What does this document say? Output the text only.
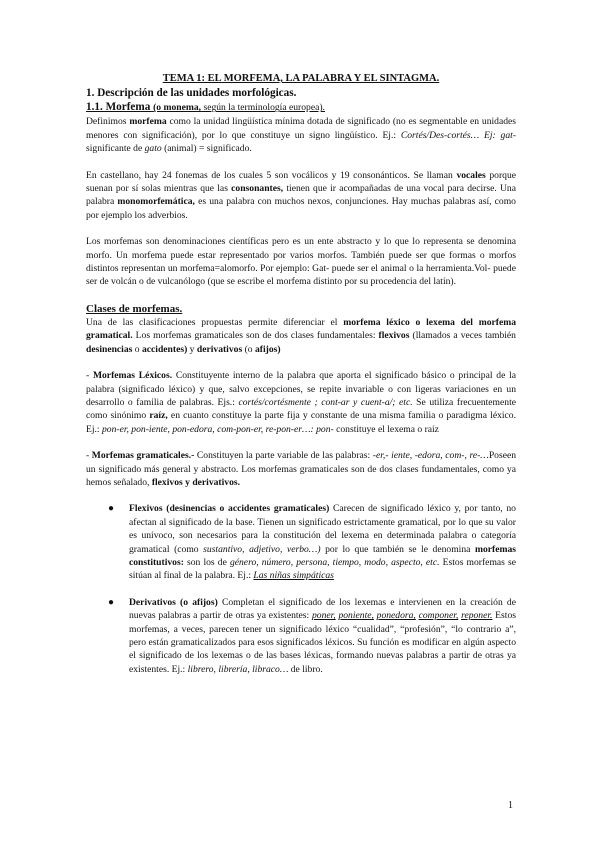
TEMA 1: EL MORFEMA, LA PALABRA Y EL SINTAGMA.
1. Descripción de las unidades morfológicas.
1.1. Morfema (o monema, según la terminología europea).

Definimos morfema como la unidad lingüística mínima dotada de significado (no es segmentable en unidades menores con significación), por lo que constituye un signo lingüístico. Ej.: Cortés/Des-cortés… Ej: gat- significante de gato (animal) = significado.

En castellano, hay 24 fonemas de los cuales 5 son vocálicos y 19 consonánticos. Se llaman vocales porque suenan por sí solas mientras que las consonantes, tienen que ir acompañadas de una vocal para decirse. Una palabra monomorfemática, es una palabra con muchos nexos, conjunciones. Hay muchas palabras así, como por ejemplo los adverbios.

Los morfemas son denominaciones científicas pero es un ente abstracto y lo que lo representa se denomina morfo. Un morfema puede estar representado por varios morfos. También puede ser que formas o morfos distintos representan un morfema=alomorfo. Por ejemplo: Gat- puede ser el animal o la herramienta.Vol- puede ser de volcán o de vulcanólogo (que se escribe el morfema distinto por su procedencia del latín).

Clases de morfemas.

Una de las clasificaciones propuestas permite diferenciar el morfema léxico o lexema del morfema gramatical. Los morfemas gramaticales son de dos clases fundamentales: flexivos (llamados a veces también desinencias o accidentes) y derivativos (o afijos)

- Morfemas Léxicos. Constituyente interno de la palabra que aporta el significado básico o principal de la palabra (significado léxico) y que, salvo excepciones, se repite invariable o con ligeras variaciones en un desarrollo o familia de palabras. Ejs.: cortés/cortésmente ; cont-ar y cuent-a/; etc. Se utiliza frecuentemente como sinónimo raíz, en cuanto constituye la parte fija y constante de una misma familia o paradigma léxico. Ej.: pon-er, pon-iente, pon-edora, com-pon-er, re-pon-er…: pon- constituye el lexema o raíz

- Morfemas gramaticales.- Constituyen la parte variable de las palabras: -er,- iente, -edora, com-, re-…Poseen un significado más general y abstracto. Los morfemas gramaticales son de dos clases fundamentales, como ya hemos señalado, flexivos y derivativos.

● Flexivos (desinencias o accidentes gramaticales) Carecen de significado léxico y, por tanto, no afectan al significado de la base. Tienen un significado estrictamente gramatical, por lo que su valor es unívoco, son necesarios para la constitución del lexema en determinada palabra o categoría gramatical (como sustantivo, adjetivo, verbo…) por lo que también se le denomina morfemas constitutivos: son los de género, número, persona, tiempo, modo, aspecto, etc. Estos morfemas se sitúan al final de la palabra. Ej.: Las niñas simpáticas
● Derivativos (o afijos) Completan el significado de los lexemas e intervienen en la creación de nuevas palabras a partir de otras ya existentes: poner, poniente, ponedora, componer, reponer. Estos morfemas, a veces, parecen tener un significado léxico “cualidad”, “profesión”, “lo contrario a”, pero están gramaticalizados para esos significados léxicos. Su función es modificar en algún aspecto el significado de los lexemas o de las bases léxicas, formando nuevas palabras a partir de otras ya existentes. Ej.: librero, librería, libraco… de libro.
1
